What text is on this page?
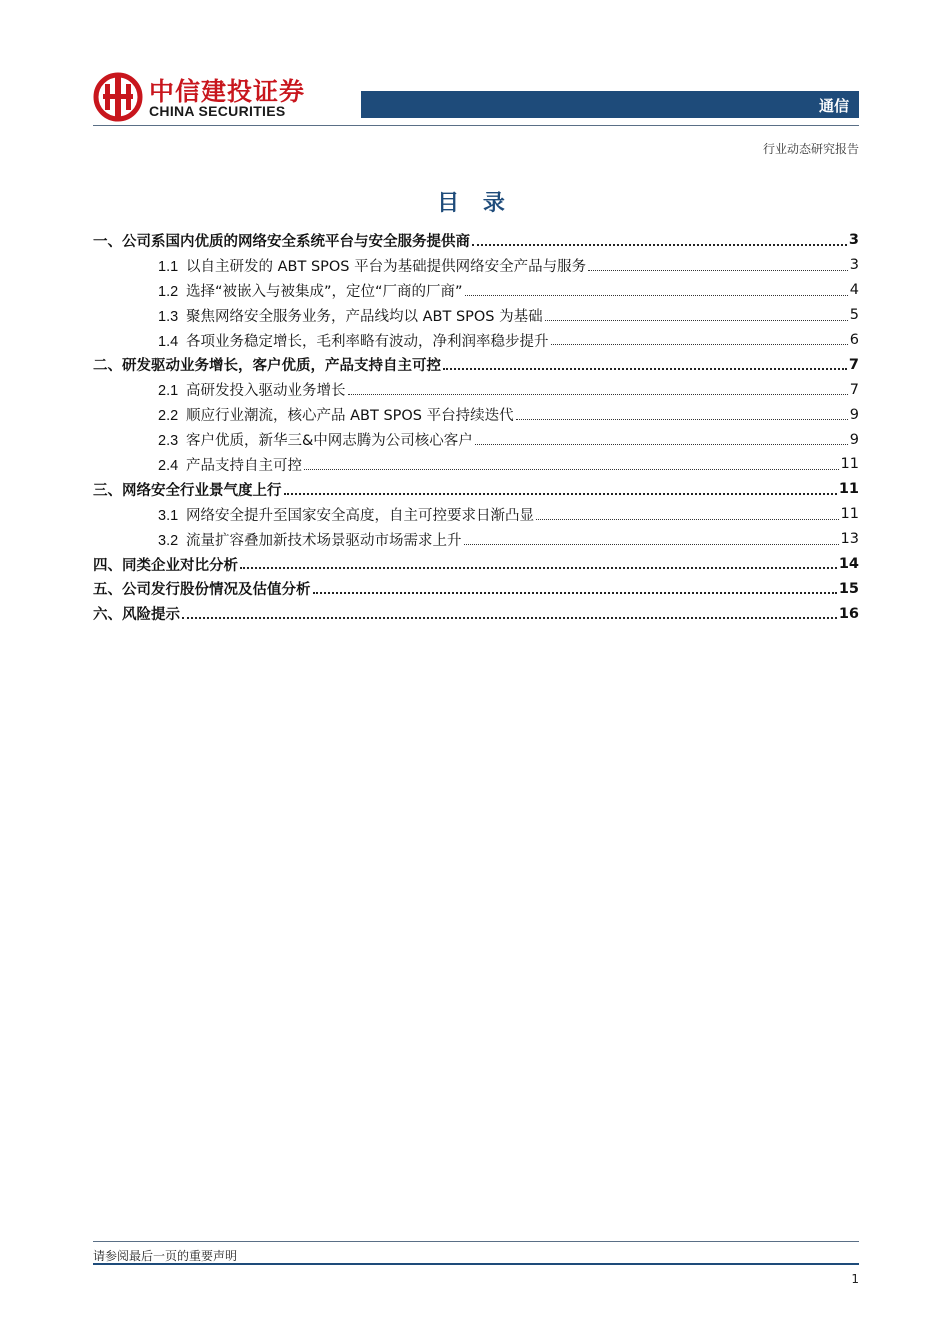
中信建投证券
CHINA SECURITIES	通信
行业动态研究报告
目 录
一、公司系国内优质的网络安全系统平台与安全服务提供商	3
1.1 以自主研发的 ABT SPOS 平台为基础提供网络安全产品与服务	3
1.2 选择“被嵌入与被集成”，定位“厂商的厂商”	4
1.3 聚焦网络安全服务业务，产品线均以 ABT SPOS 为基础	5
1.4 各项业务稳定增长，毛利率略有波动，净利润率稳步提升	6
二、研发驱动业务增长，客户优质，产品支持自主可控	7
2.1 高研发投入驱动业务增长	7
2.2 顺应行业潮流，核心产品 ABT SPOS 平台持续迭代	9
2.3 客户优质，新华三&中网志腾为公司核心客户	9
2.4 产品支持自主可控	11
三、网络安全行业景气度上行	11
3.1 网络安全提升至国家安全高度，自主可控要求日渐凸显	11
3.2 流量扩容叠加新技术场景驱动市场需求上升	13
四、同类企业对比分析	14
五、公司发行股份情况及估值分析	15
六、风险提示	16
请参阅最后一页的重要声明
1
